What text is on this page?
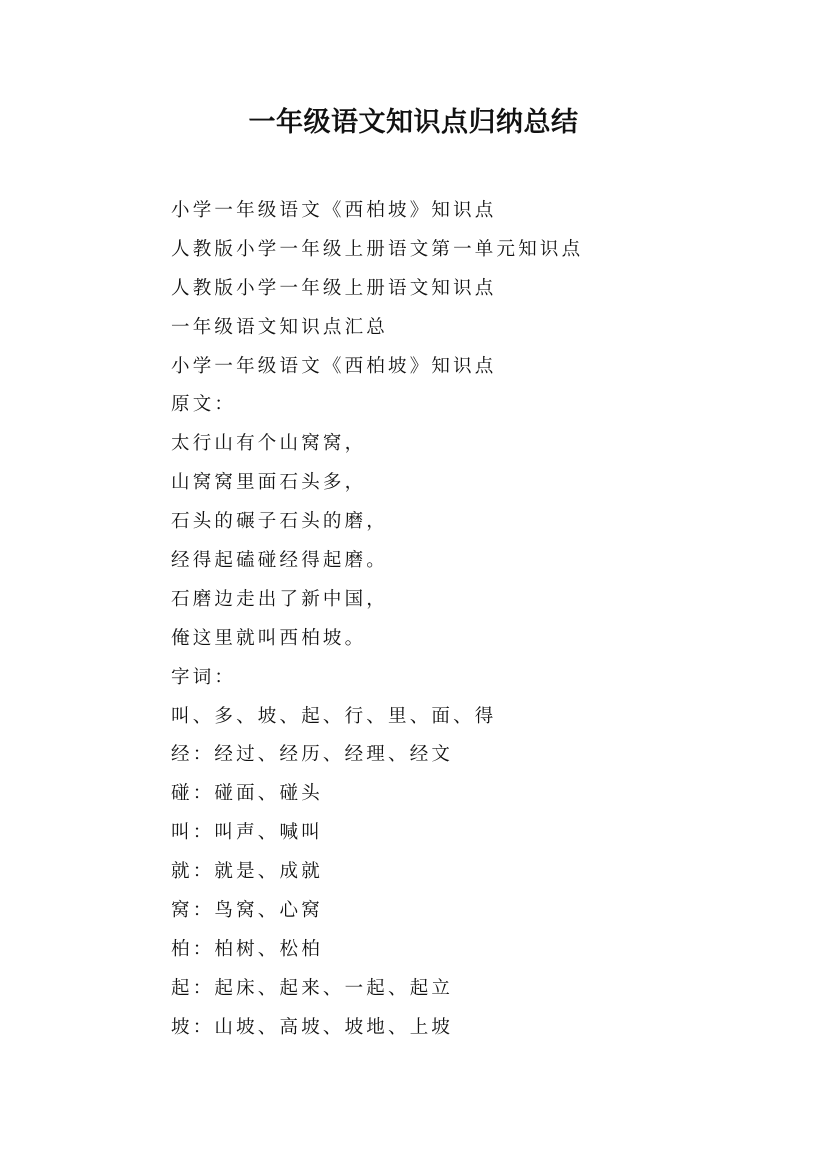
一年级语文知识点归纳总结
小学一年级语文《西柏坡》知识点
人教版小学一年级上册语文第一单元知识点
人教版小学一年级上册语文知识点
一年级语文知识点汇总
小学一年级语文《西柏坡》知识点
原文：
太行山有个山窝窝，
山窝窝里面石头多，
石头的碾子石头的磨，
经得起磕碰经得起磨。
石磨边走出了新中国，
俺这里就叫西柏坡。
字词：
叫、多、坡、起、行、里、面、得
经：经过、经历、经理、经文
碰：碰面、碰头
叫：叫声、喊叫
就：就是、成就
窝：鸟窝、心窝
柏：柏树、松柏
起：起床、起来、一起、起立
坡：山坡、高坡、坡地、上坡
